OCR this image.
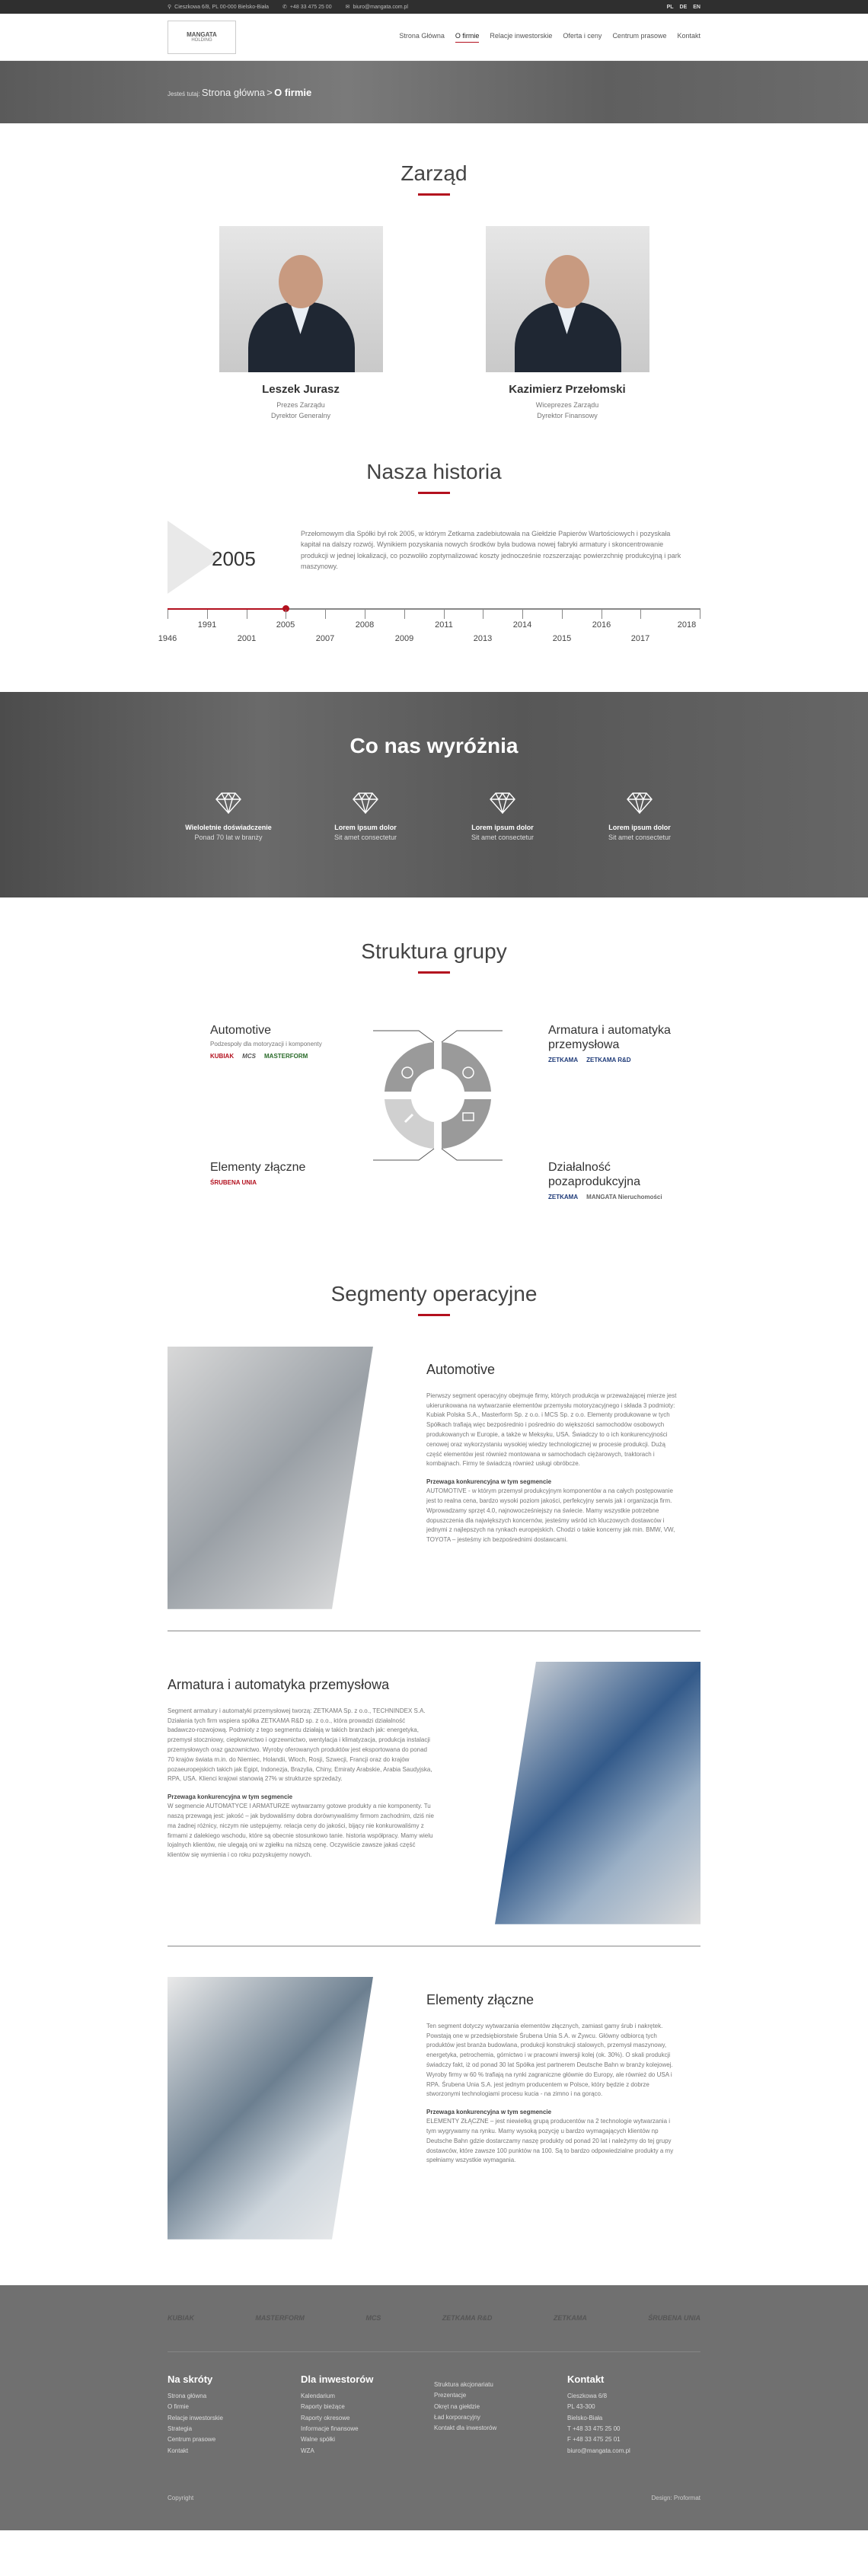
⚲ Cieszkowa 6/8, PL 00-000 Bielsko-Biała	✆ +48 33 475 25 00	✉ biuro@mangata.com.pl	PL DE EN
MANGATA
HOLDING
Strona Główna O firmie Relacje inwestorskie Oferta i ceny Centrum prasowe Kontakt
Jesteś tutaj: Strona główna > O firmie
Zarząd
Leszek Jurasz
Prezes Zarządu
Dyrektor Generalny
Kazimierz Przełomski
Wiceprezes Zarządu
Dyrektor Finansowy
Nasza historia
2005
Przełomowym dla Spółki był rok 2005, w którym Zetkama zadebiutowała na Giełdzie Papierów Wartościowych i pozyskała kapitał na dalszy rozwój. Wynikiem pozyskania nowych środków była budowa nowej fabryki armatury i skoncentrowanie produkcji w jednej lokalizacji, co pozwoliło zoptymalizować koszty jednocześnie rozszerzając powierzchnię produkcyjną i park maszynowy.
1991	2005	2008	2011	2014	2016
1946	2001	2007	2009	2013	2015	2017
2018
Co nas wyróżnia
Wieloletnie doświadczenie
Ponad 70 lat w branży
Lorem ipsum dolor
Sit amet consectetur
Lorem ipsum dolor
Sit amet consectetur
Lorem ipsum dolor
Sit amet consectetur
Struktura grupy
Automotive
Podzespoły dla motoryzacji i komponenty
KUBIAK MCS MASTERFORM
Armatura i automatyka przemysłowa
ZETKAMA ZETKAMA R&D
Elementy złączne
ŚRUBENA UNIA
Działalność pozaprodukcyjna
ZETKAMA MANGATA Nieruchomości
Segmenty operacyjne
Automotive
Pierwszy segment operacyjny obejmuje firmy, których produkcja w przeważającej mierze jest ukierunkowana na wytwarzanie elementów przemysłu motoryzacyjnego i składa 3 podmioty: Kubiak Polska S.A., Masterform Sp. z o.o. i MCS Sp. z o.o. Elementy produkowane w tych Spółkach trafiają więc bezpośrednio i pośrednio do większości samochodów osobowych produkowanych w Europie, a także w Meksyku, USA. Świadczy to o ich konkurencyjności cenowej oraz wykorzystaniu wysokiej wiedzy technologicznej w procesie produkcji. Dużą część elementów jest również montowana w samochodach ciężarowych, traktorach i kombajnach. Firmy te świadczą również usługi obróbcze.
Przewaga konkurencyjna w tym segmencie
AUTOMOTIVE - w którym przemysł produkcyjnym komponentów a na całych postępowanie jest to realna cena, bardzo wysoki poziom jakości, perfekcyjny serwis jak i organizacja firm. Wprowadzamy sprzęt 4.0, najnowocześniejszy na świecie. Mamy wszystkie potrzebne dopuszczenia dla największych koncernów, jesteśmy wśród ich kluczowych dostawców i jednymi z najlepszych na rynkach europejskich. Chodzi o takie koncerny jak min. BMW, VW, TOYOTA – jesteśmy ich bezpośrednimi dostawcami.
Armatura i automatyka przemysłowa
Segment armatury i automatyki przemysłowej tworzą: ZETKAMA Sp. z o.o., TECHNINDEX S.A. Działania tych firm wspiera spółka ZETKAMA R&D sp. z o.o., która prowadzi działalność badawczo-rozwojową. Podmioty z tego segmentu działają w takich branżach jak: energetyka, przemysł stoczniowy, ciepłownictwo i ogrzewnictwo, wentylacja i klimatyzacja, produkcja instalacji przemysłowych oraz gazownictwo. Wyroby oferowanych produktów jest eksportowana do ponad 70 krajów świata m.in. do Niemiec, Holandii, Wloch, Rosji, Szwecji, Francji oraz do krajów pozaeuropejskich takich jak Egipt, Indonezja, Brazylia, Chiny, Emiraty Arabskie, Arabia Saudyjska, RPA, USA. Klienci krajowi stanowią 27% w strukturze sprzedaży.
Przewaga konkurencyjna w tym segmencie
W segmencie AUTOMATYCE I ARMATURZE wytwarzamy gotowe produkty a nie komponenty. Tu naszą przewagą jest: jakość – jak bydowaliśmy dobra dorównywaliśmy firmom zachodnim, dziś nie ma żadnej różnicy, niczym nie ustępujemy. relacja ceny do jakości, bijący nie konkurowaliśmy z firmami z dalekiego wschodu, które są obecnie stosunkowo tanie. historia współpracy. Mamy wielu lojalnych klientów, nie ulegają oni w zgiełku na niższą cenę. Oczywiście zawsze jakaś część klientów się wymienia i co roku pozyskujemy nowych.
Elementy złączne
Ten segment dotyczy wytwarzania elementów złącznych, zamiast gamy śrub i nakrętek. Powstają one w przedsiębiorstwie Śrubena Unia S.A. w Żywcu. Główny odbiorcą tych produktów jest branża budowlana, produkcji konstrukcji stalowych, przemysł maszynowy, energetyka, petrochemia, górnictwo i w pracowni inwersji kolej (ok. 30%). O skali produkcji świadczy fakt, iż od ponad 30 lat Spółka jest partnerem Deutsche Bahn w branży kolejowej. Wyroby firmy w 60 % trafiają na rynki zagraniczne głównie do Europy, ale również do USA i RPA. Śrubena Unia S.A. jest jednym producentem w Polsce, który będzie z dobrze stworzonymi technologiami procesu kucia - na zimno i na gorąco.
Przewaga konkurencyjna w tym segmencie
ELEMENTY ZŁĄCZNE – jest niewielką grupą producentów na 2 technologie wytwarzania i tym wygrywamy na rynku. Mamy wysoką pozycję u bardzo wymagających klientów np Deutsche Bahn gdzie dostarczamy naszę produkty od ponad 20 lat i należymy do tej grupy dostawców, które zawsze 100 punktów na 100. Są to bardzo odpowiedzialne produkty a my spełniamy wszystkie wymagania.
KUBIAK	MASTERFORM	MCS	ZETKAMA R&D	ZETKAMA	ŚRUBENA UNIA
Na skróty
Strona główna
O firmie
Relacje inwestorskie
Strategia
Centrum prasowe
Kontakt
Dla inwestorów
Kalendarium
Raporty bieżące
Raporty okresowe
Informacje finansowe
Walne spółki
WZA
Struktura akcjonariatu
Prezentacje
Okręt na giełdzie
Ład korporacyjny
Kontakt dla inwestorów
Kontakt
Cieszkowa 6/8
PL 43-300
Bielsko-Biała
T +48 33 475 25 00
F +48 33 475 25 01
biuro@mangata.com.pl
Copyright	Design: Proformat
